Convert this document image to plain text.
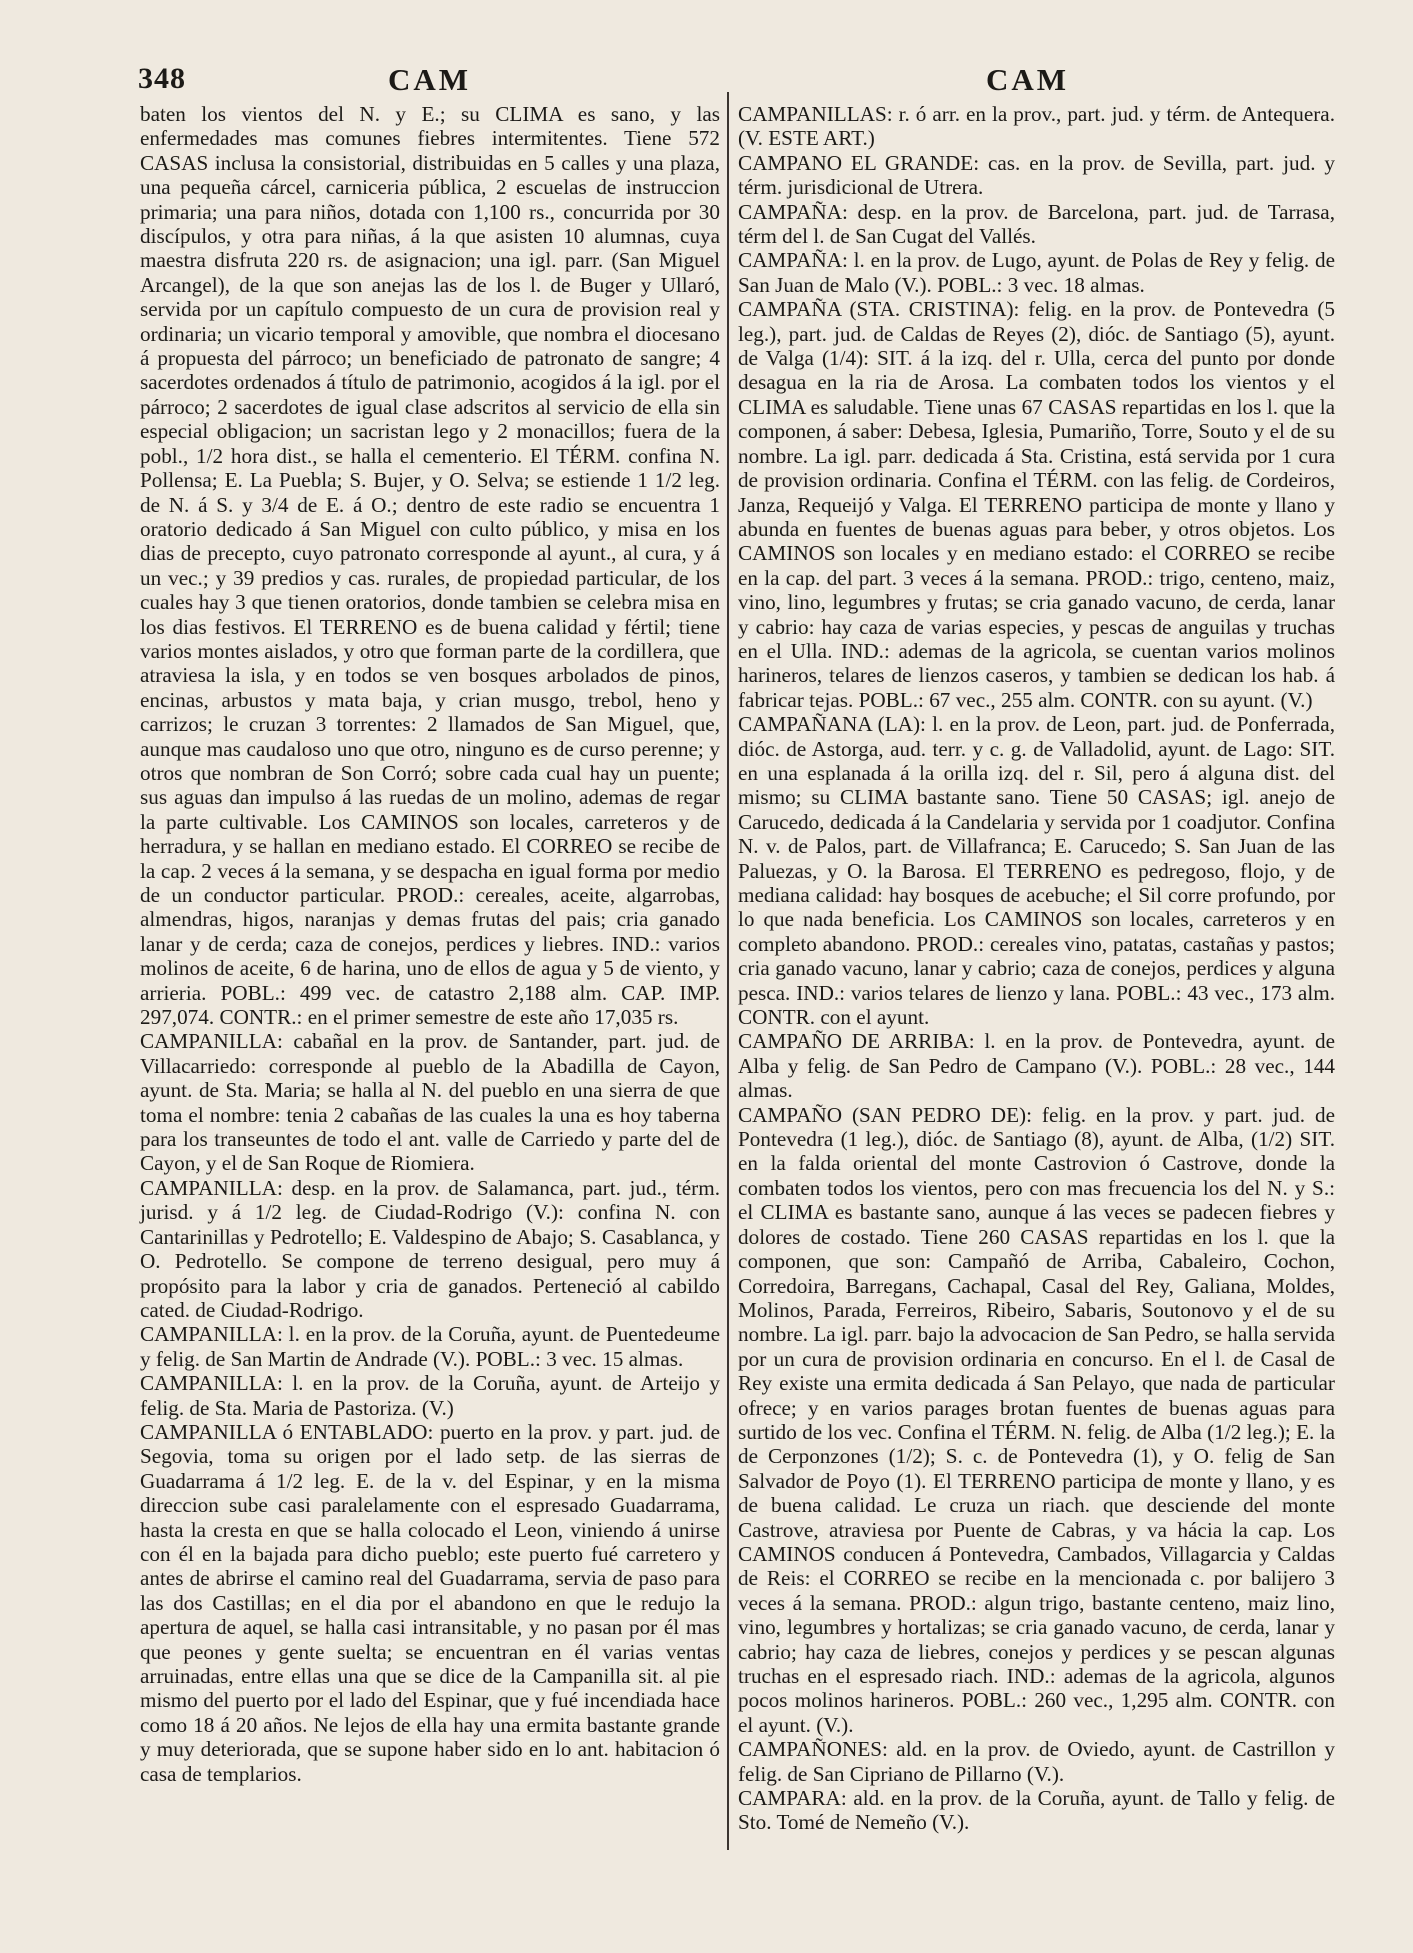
348	CAM	CAM

baten los vientos del N. y E.; su CLIMA es sano, y las enfermedades mas comunes fiebres intermitentes. Tiene 572 CASAS inclusa la consistorial, distribuidas en 5 calles y una plaza, una pequeña cárcel, carniceria pública, 2 escuelas de instruccion primaria; una para niños, dotada con 1,100 rs., concurrida por 30 discípulos, y otra para niñas, á la que asisten 10 alumnas, cuya maestra disfruta 220 rs. de asignacion; una igl. parr. (San Miguel Arcangel), de la que son anejas las de los l. de Buger y Ullaró, servida por un capítulo compuesto de un cura de provision real y ordinaria; un vicario temporal y amovible, que nombra el diocesano á propuesta del párroco; un beneficiado de patronato de sangre; 4 sacerdotes ordenados á título de patrimonio, acogidos á la igl. por el párroco; 2 sacerdotes de igual clase adscritos al servicio de ella sin especial obligacion; un sacristan lego y 2 monacillos; fuera de la pobl., 1/2 hora dist., se halla el cementerio. El TÉRM. confina N. Pollensa; E. La Puebla; S. Bujer, y O. Selva; se estiende 1 1/2 leg. de N. á S. y 3/4 de E. á O.; dentro de este radio se encuentra 1 oratorio dedicado á San Miguel con culto público, y misa en los dias de precepto, cuyo patronato corresponde al ayunt., al cura, y á un vec.; y 39 predios y cas. rurales, de propiedad particular, de los cuales hay 3 que tienen oratorios, donde tambien se celebra misa en los dias festivos. El TERRENO es de buena calidad y fértil; tiene varios montes aislados, y otro que forman parte de la cordillera, que atraviesa la isla, y en todos se ven bosques arbolados de pinos, encinas, arbustos y mata baja, y crian musgo, trebol, heno y carrizos; le cruzan 3 torrentes: 2 llamados de San Miguel, que, aunque mas caudaloso uno que otro, ninguno es de curso perenne; y otros que nombran de Son Corró; sobre cada cual hay un puente; sus aguas dan impulso á las ruedas de un molino, ademas de regar la parte cultivable. Los CAMINOS son locales, carreteros y de herradura, y se hallan en mediano estado. El CORREO se recibe de la cap. 2 veces á la semana, y se despacha en igual forma por medio de un conductor particular. PROD.: cereales, aceite, algarrobas, almendras, higos, naranjas y demas frutas del pais; cria ganado lanar y de cerda; caza de conejos, perdices y liebres. IND.: varios molinos de aceite, 6 de harina, uno de ellos de agua y 5 de viento, y arrieria. POBL.: 499 vec. de catastro 2,188 alm. CAP. IMP. 297,074. CONTR.: en el primer semestre de este año 17,035 rs.

CAMPANILLA: cabañal en la prov. de Santander, part. jud. de Villacarriedo: corresponde al pueblo de la Abadilla de Cayon, ayunt. de Sta. Maria; se halla al N. del pueblo en una sierra de que toma el nombre: tenia 2 cabañas de las cuales la una es hoy taberna para los transeuntes de todo el ant. valle de Carriedo y parte del de Cayon, y el de San Roque de Riomiera.

CAMPANILLA: desp. en la prov. de Salamanca, part. jud., térm. jurisd. y á 1/2 leg. de Ciudad-Rodrigo (V.): confina N. con Cantarinillas y Pedrotello; E. Valdespino de Abajo; S. Casablanca, y O. Pedrotello. Se compone de terreno desigual, pero muy á propósito para la labor y cria de ganados. Perteneció al cabildo cated. de Ciudad-Rodrigo.

CAMPANILLA: l. en la prov. de la Coruña, ayunt. de Puentedeume y felig. de San Martin de Andrade (V.). POBL.: 3 vec. 15 almas.

CAMPANILLA: l. en la prov. de la Coruña, ayunt. de Arteijo y felig. de Sta. Maria de Pastoriza. (V.)

CAMPANILLA ó ENTABLADO: puerto en la prov. y part. jud. de Segovia, toma su origen por el lado setp. de las sierras de Guadarrama á 1/2 leg. E. de la v. del Espinar, y en la misma direccion sube casi paralelamente con el espresado Guadarrama, hasta la cresta en que se halla colocado el Leon, viniendo á unirse con él en la bajada para dicho pueblo; este puerto fué carretero y antes de abrirse el camino real del Guadarrama, servia de paso para las dos Castillas; en el dia por el abandono en que le redujo la apertura de aquel, se halla casi intransitable, y no pasan por él mas que peones y gente suelta; se encuentran en él varias ventas arruinadas, entre ellas una que se dice de la Campanilla sit. al pie mismo del puerto por el lado del Espinar, que y fué incendiada hace como 18 á 20 años. Ne lejos de ella hay una ermita bastante grande y muy deteriorada, que se supone haber sido en lo ant. habitacion ó casa de templarios.

CAMPANILLAS: r. ó arr. en la prov., part. jud. y térm. de Antequera. (V. ESTE ART.)

CAMPANO EL GRANDE: cas. en la prov. de Sevilla, part. jud. y térm. jurisdicional de Utrera.

CAMPAÑA: desp. en la prov. de Barcelona, part. jud. de Tarrasa, térm del l. de San Cugat del Vallés.

CAMPAÑA: l. en la prov. de Lugo, ayunt. de Polas de Rey y felig. de San Juan de Malo (V.). POBL.: 3 vec. 18 almas.

CAMPAÑA (STA. CRISTINA): felig. en la prov. de Pontevedra (5 leg.), part. jud. de Caldas de Reyes (2), dióc. de Santiago (5), ayunt. de Valga (1/4): SIT. á la izq. del r. Ulla, cerca del punto por donde desagua en la ria de Arosa. La combaten todos los vientos y el CLIMA es saludable. Tiene unas 67 CASAS repartidas en los l. que la componen, á saber: Debesa, Iglesia, Pumariño, Torre, Souto y el de su nombre. La igl. parr. dedicada á Sta. Cristina, está servida por 1 cura de provision ordinaria. Confina el TÉRM. con las felig. de Cordeiros, Janza, Requeijó y Valga. El TERRENO participa de monte y llano y abunda en fuentes de buenas aguas para beber, y otros objetos. Los CAMINOS son locales y en mediano estado: el CORREO se recibe en la cap. del part. 3 veces á la semana. PROD.: trigo, centeno, maiz, vino, lino, legumbres y frutas; se cria ganado vacuno, de cerda, lanar y cabrio: hay caza de varias especies, y pescas de anguilas y truchas en el Ulla. IND.: ademas de la agricola, se cuentan varios molinos harineros, telares de lienzos caseros, y tambien se dedican los hab. á fabricar tejas. POBL.: 67 vec., 255 alm. CONTR. con su ayunt. (V.)

CAMPAÑANA (LA): l. en la prov. de Leon, part. jud. de Ponferrada, dióc. de Astorga, aud. terr. y c. g. de Valladolid, ayunt. de Lago: SIT. en una esplanada á la orilla izq. del r. Sil, pero á alguna dist. del mismo; su CLIMA bastante sano. Tiene 50 CASAS; igl. anejo de Carucedo, dedicada á la Candelaria y servida por 1 coadjutor. Confina N. v. de Palos, part. de Villafranca; E. Carucedo; S. San Juan de las Paluezas, y O. la Barosa. El TERRENO es pedregoso, flojo, y de mediana calidad: hay bosques de acebuche; el Sil corre profundo, por lo que nada beneficia. Los CAMINOS son locales, carreteros y en completo abandono. PROD.: cereales vino, patatas, castañas y pastos; cria ganado vacuno, lanar y cabrio; caza de conejos, perdices y alguna pesca. IND.: varios telares de lienzo y lana. POBL.: 43 vec., 173 alm. CONTR. con el ayunt.

CAMPAÑO DE ARRIBA: l. en la prov. de Pontevedra, ayunt. de Alba y felig. de San Pedro de Campano (V.). POBL.: 28 vec., 144 almas.

CAMPAÑO (SAN PEDRO DE): felig. en la prov. y part. jud. de Pontevedra (1 leg.), dióc. de Santiago (8), ayunt. de Alba, (1/2) SIT. en la falda oriental del monte Castrovion ó Castrove, donde la combaten todos los vientos, pero con mas frecuencia los del N. y S.: el CLIMA es bastante sano, aunque á las veces se padecen fiebres y dolores de costado. Tiene 260 CASAS repartidas en los l. que la componen, que son: Campañó de Arriba, Cabaleiro, Cochon, Corredoira, Barregans, Cachapal, Casal del Rey, Galiana, Moldes, Molinos, Parada, Ferreiros, Ribeiro, Sabaris, Soutonovo y el de su nombre. La igl. parr. bajo la advocacion de San Pedro, se halla servida por un cura de provision ordinaria en concurso. En el l. de Casal de Rey existe una ermita dedicada á San Pelayo, que nada de particular ofrece; y en varios parages brotan fuentes de buenas aguas para surtido de los vec. Confina el TÉRM. N. felig. de Alba (1/2 leg.); E. la de Cerponzones (1/2); S. c. de Pontevedra (1), y O. felig de San Salvador de Poyo (1). El TERRENO participa de monte y llano, y es de buena calidad. Le cruza un riach. que desciende del monte Castrove, atraviesa por Puente de Cabras, y va hácia la cap. Los CAMINOS conducen á Pontevedra, Cambados, Villagarcia y Caldas de Reis: el CORREO se recibe en la mencionada c. por balijero 3 veces á la semana. PROD.: algun trigo, bastante centeno, maiz lino, vino, legumbres y hortalizas; se cria ganado vacuno, de cerda, lanar y cabrio; hay caza de liebres, conejos y perdices y se pescan algunas truchas en el espresado riach. IND.: ademas de la agricola, algunos pocos molinos harineros. POBL.: 260 vec., 1,295 alm. CONTR. con el ayunt. (V.).

CAMPAÑONES: ald. en la prov. de Oviedo, ayunt. de Castrillon y felig. de San Cipriano de Pillarno (V.).

CAMPARA: ald. en la prov. de la Coruña, ayunt. de Tallo y felig. de Sto. Tomé de Nemeño (V.).
